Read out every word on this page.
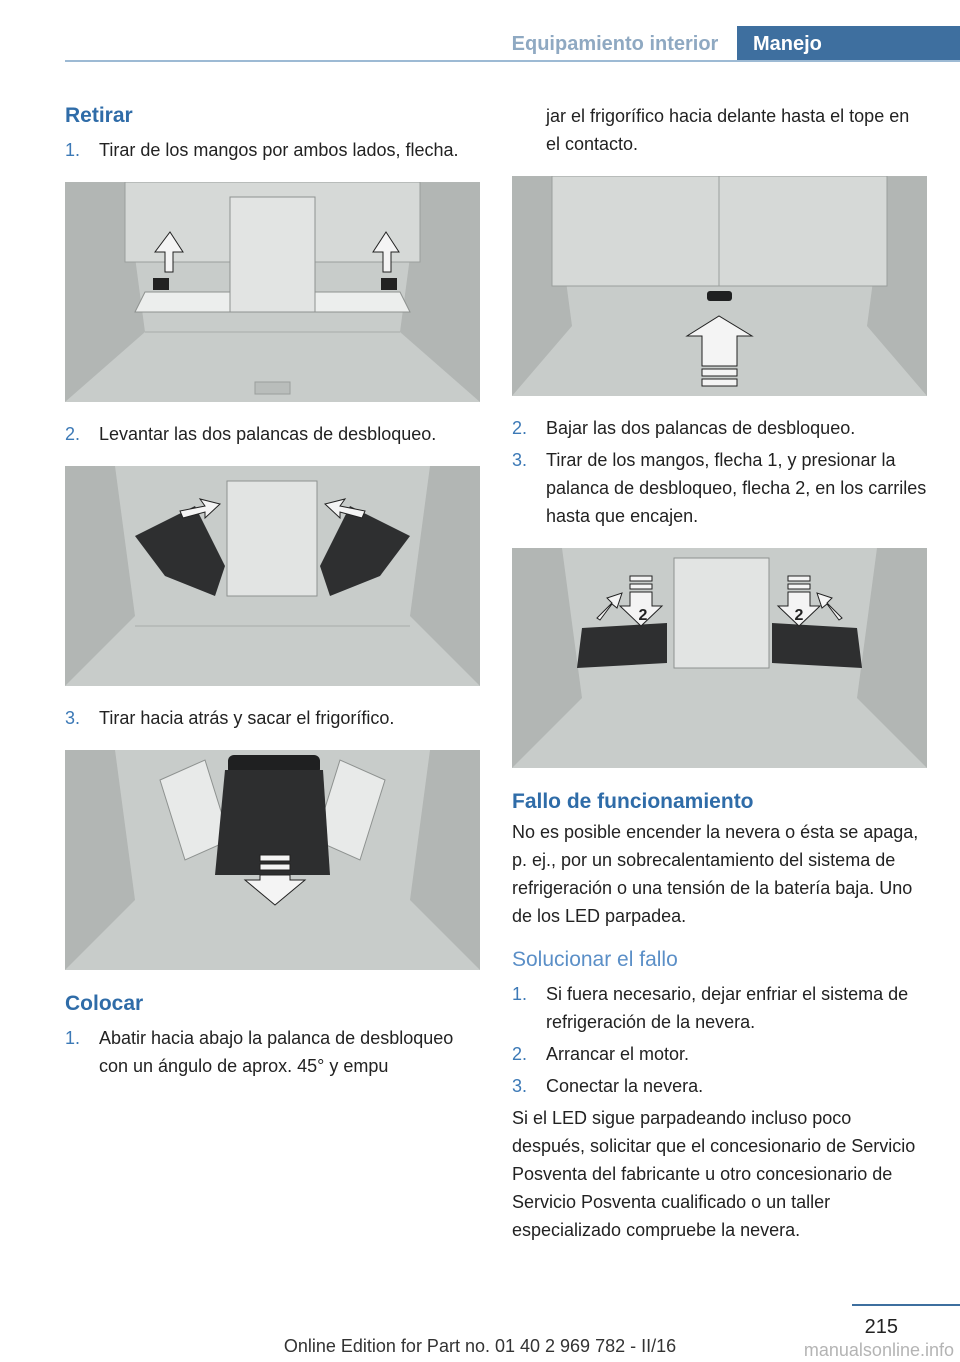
Equipamiento interior	Manejo
Retirar
1.	Tirar de los mangos por ambos lados, flecha.
2.	Levantar las dos palancas de desbloqueo.
3.	Tirar hacia atrás y sacar el frigorífico.
Colocar
1.	Abatir hacia abajo la palanca de desbloqueo con un ángulo de aprox. 45° y empu
jar el frigorífico hacia delante hasta el tope en el contacto.
2.	Bajar las dos palancas de desbloqueo.
3.	Tirar de los mangos, flecha 1, y presionar la palanca de desbloqueo, flecha 2, en los carriles hasta que encajen.
2	2
Fallo de funcionamiento

No es posible encender la nevera o ésta se apaga, p. ej., por un sobrecalentamiento del sistema de refrigeración o una tensión de la batería baja. Uno de los LED parpadea.

Solucionar el fallo
1.	Si fuera necesario, dejar enfriar el sistema de refrigeración de la nevera.
2.	Arrancar el motor.
3.	Conectar la nevera.

Si el LED sigue parpadeando incluso poco después, solicitar que el concesionario de Servicio Posventa del fabricante u otro concesionario de Servicio Posventa cualificado o un taller especializado compruebe la nevera.

215
Online Edition for Part no. 01 40 2 969 782 - II/16	manualsonline.info
